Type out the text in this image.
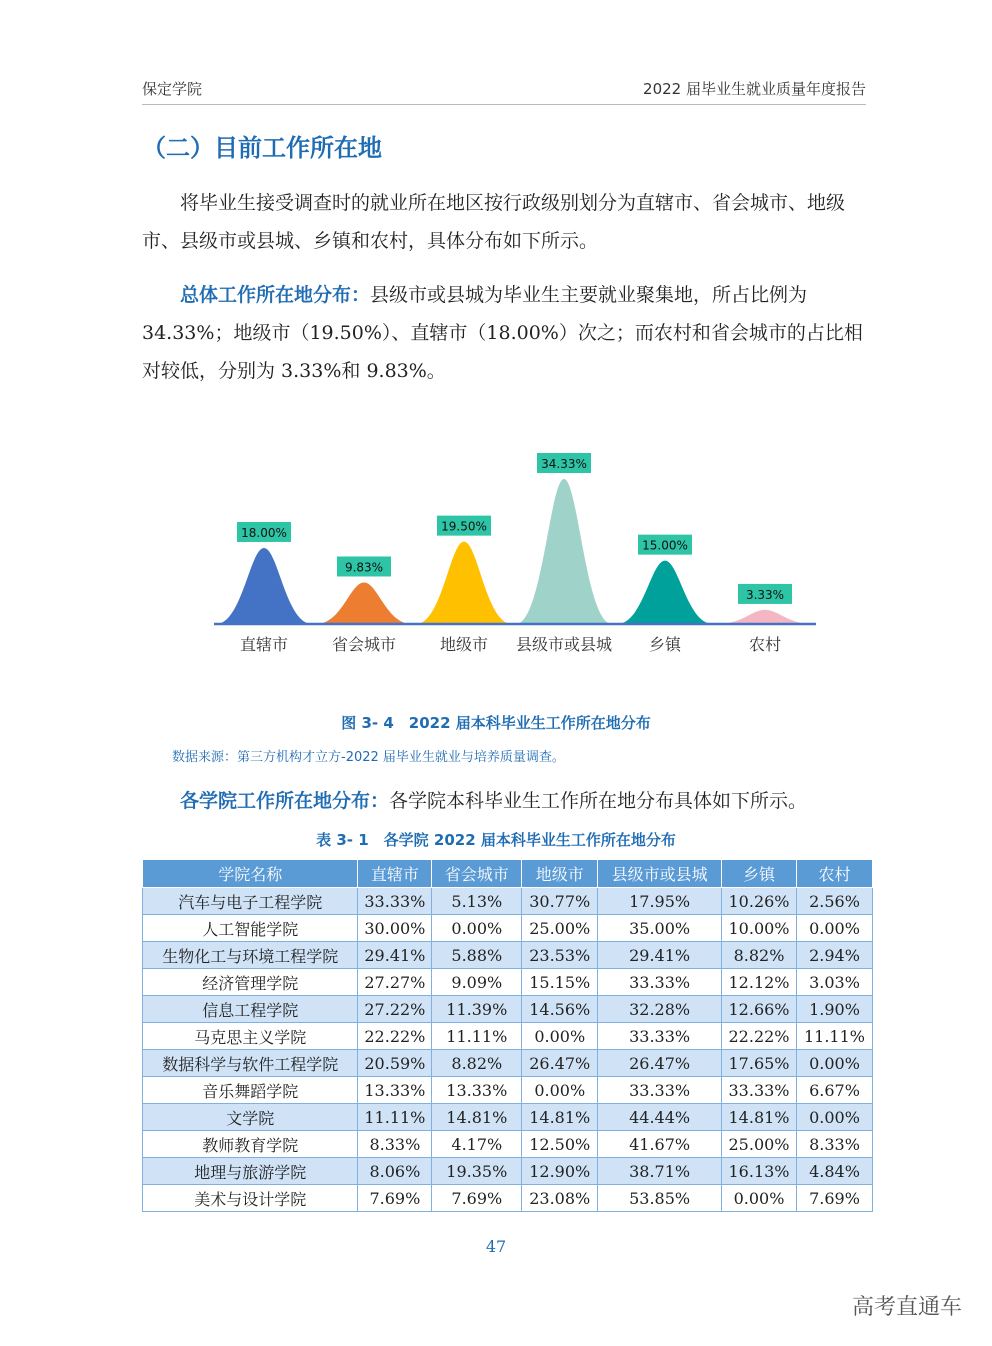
保定学院	2022 届毕业生就业质量年度报告
（二）目前工作所在地

将毕业生接受调查时的就业所在地区按行政级别划分为直辖市、省会城市、地级市、县级市或县城、乡镇和农村，具体分布如下所示。

总体工作所在地分布：县级市或县城为毕业生主要就业聚集地，所占比例为 34.33%；地级市（19.50%）、直辖市（18.00%）次之；而农村和省会城市的占比相对较低，分别为 3.33%和 9.83%。

18.00%
直辖市
9.83%
省会城市
19.50%
地级市
34.33%
县级市或县城
15.00%
乡镇
3.33%
农村
图 3- 4　2022 届本科毕业生工作所在地分布
数据来源：第三方机构才立方-2022 届毕业生就业与培养质量调查。

各学院工作所在地分布：各学院本科毕业生工作所在地分布具体如下所示。

表 3- 1　各学院 2022 届本科毕业生工作所在地分布
学院名称	直辖市	省会城市	地级市	县级市或县城	乡镇	农村
汽车与电子工程学院	33.33%	5.13%	30.77%	17.95%	10.26%	2.56%
人工智能学院	30.00%	0.00%	25.00%	35.00%	10.00%	0.00%
生物化工与环境工程学院	29.41%	5.88%	23.53%	29.41%	8.82%	2.94%
经济管理学院	27.27%	9.09%	15.15%	33.33%	12.12%	3.03%
信息工程学院	27.22%	11.39%	14.56%	32.28%	12.66%	1.90%
马克思主义学院	22.22%	11.11%	0.00%	33.33%	22.22%	11.11%
数据科学与软件工程学院	20.59%	8.82%	26.47%	26.47%	17.65%	0.00%
音乐舞蹈学院	13.33%	13.33%	0.00%	33.33%	33.33%	6.67%
文学院	11.11%	14.81%	14.81%	44.44%	14.81%	0.00%
教师教育学院	8.33%	4.17%	12.50%	41.67%	25.00%	8.33%
地理与旅游学院	8.06%	19.35%	12.90%	38.71%	16.13%	4.84%
美术与设计学院	7.69%	7.69%	23.08%	53.85%	0.00%	7.69%
47
高考直通车
